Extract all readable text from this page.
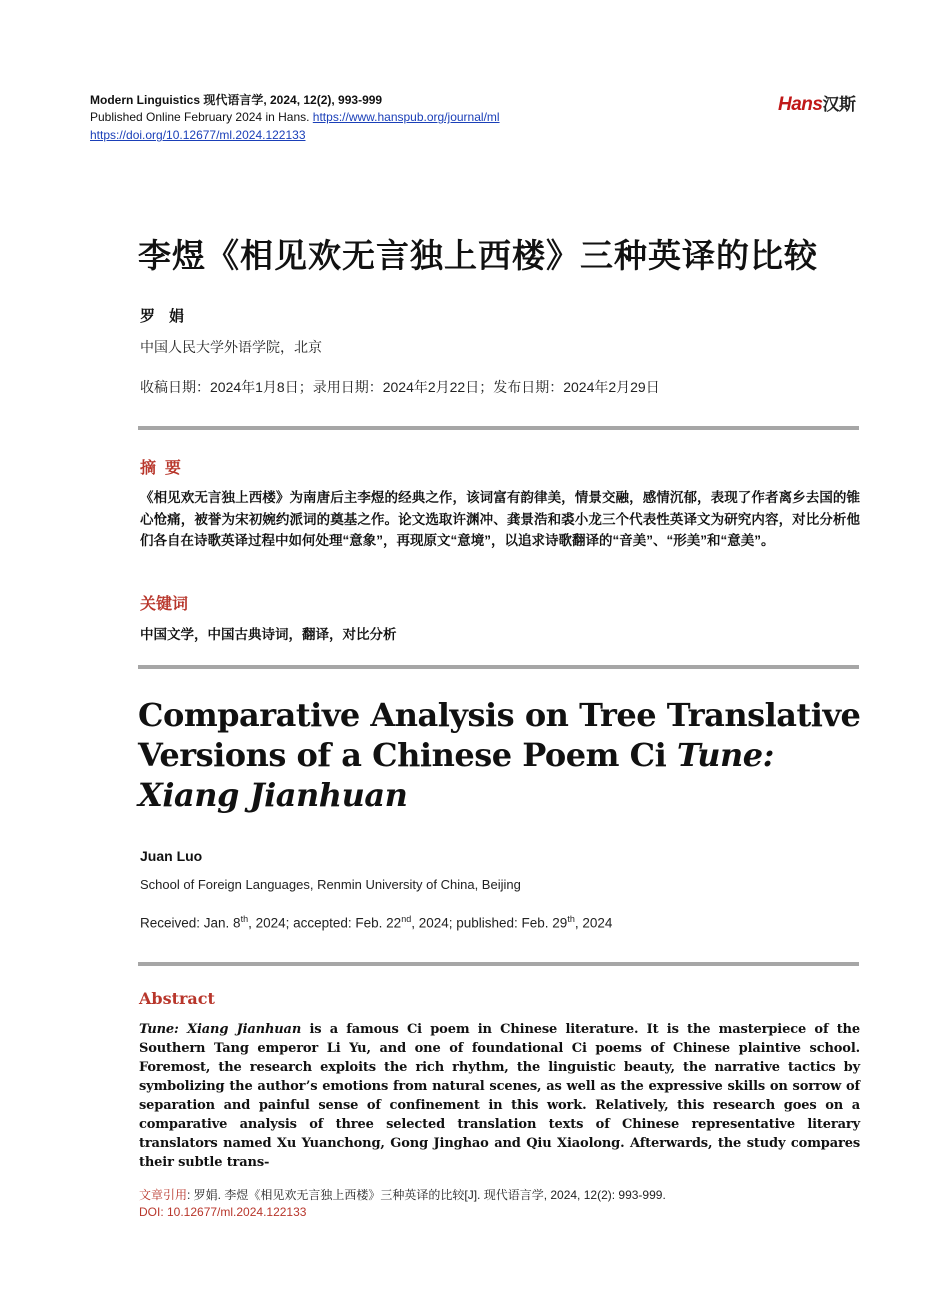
Modern Linguistics 现代语言学, 2024, 12(2), 993-999
Published Online February 2024 in Hans. https://www.hanspub.org/journal/ml
https://doi.org/10.12677/ml.2024.122133
Hans汉斯
李煜《相见欢无言独上西楼》三种英译的比较
罗娟
中国人民大学外语学院，北京
收稿日期：2024年1月8日；录用日期：2024年2月22日；发布日期：2024年2月29日
摘  要
《相见欢无言独上西楼》为南唐后主李煜的经典之作，该词富有韵律美，情景交融，感情沉郁，表现了作者离乡去国的锥心怆痛，被誉为宋初婉约派词的奠基之作。论文选取许渊冲、龚景浩和裘小龙三个代表性英译文为研究内容，对比分析他们各自在诗歌英译过程中如何处理“意象”，再现原文“意境”，以追求诗歌翻译的“音美”、“形美”和“意美”。
关键词
中国文学，中国古典诗词，翻译，对比分析
Comparative Analysis on Tree Translative Versions of a Chinese Poem Ci Tune: Xiang Jianhuan
Juan Luo
School of Foreign Languages, Renmin University of China, Beijing
Received: Jan. 8th, 2024; accepted: Feb. 22nd, 2024; published: Feb. 29th, 2024
Abstract
Tune: Xiang Jianhuan is a famous Ci poem in Chinese literature. It is the masterpiece of the Southern Tang emperor Li Yu, and one of foundational Ci poems of Chinese plaintive school. Foremost, the research exploits the rich rhythm, the linguistic beauty, the narrative tactics by symbolizing the author’s emotions from natural scenes, as well as the expressive skills on sorrow of separation and painful sense of confinement in this work. Relatively, this research goes on a comparative analysis of three selected translation texts of Chinese representative literary translators named Xu Yuanchong, Gong Jinghao and Qiu Xiaolong. Afterwards, the study compares their subtle trans-
文章引用: 罗娟. 李煜《相见欢无言独上西楼》三种英译的比较[J]. 现代语言学, 2024, 12(2): 993-999.
DOI: 10.12677/ml.2024.122133
